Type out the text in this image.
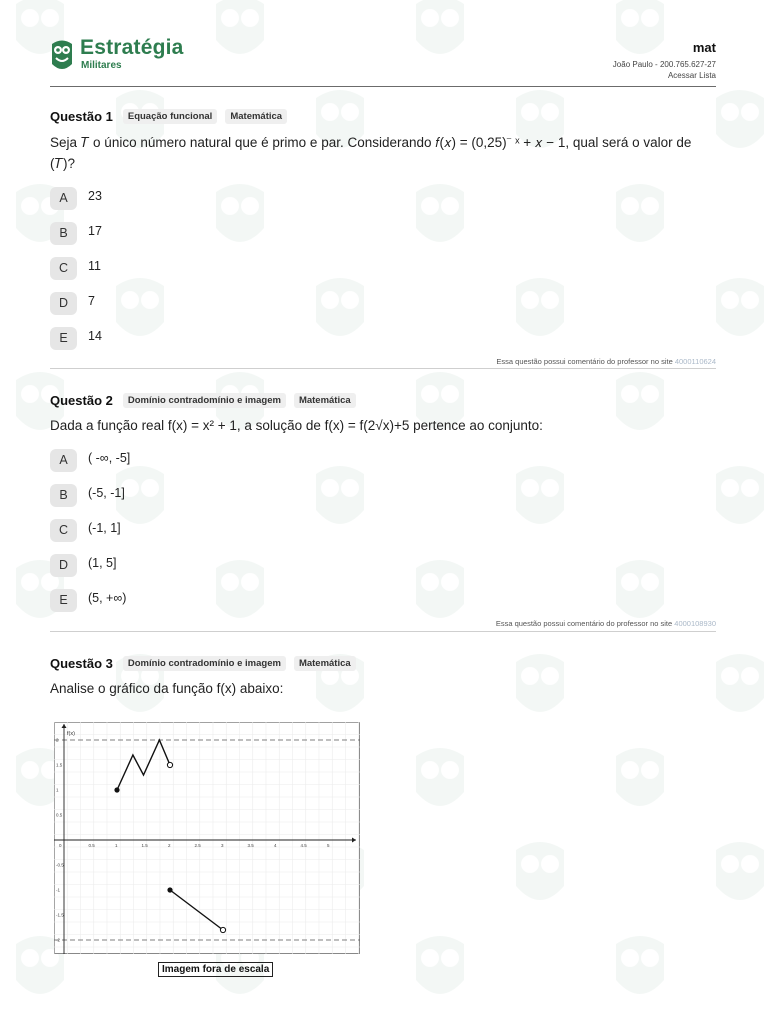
Estratégia
Militares
mat
João Paulo - 200.765.627-27
Acessar Lista
Questão 1	Equação funcional	Matemática
Seja 𝑇 o único número natural que é primo e par. Considerando 𝑓(𝑥) = (0,25)⁻ ˣ + 𝑥 − 1, qual será o valor de
(𝑇)?
A	23
B	17
C	11
D	7
E	14
Essa questão possui comentário do professor no site 4000110624
Questão 2	Domínio contradomínio e imagem	Matemática
Dada a função real f(x) = x² + 1, a solução de f(x) = f(2√x)+5 pertence ao conjunto:
A	( -∞, -5]
B	(-5, -1]
C	(-1, 1]
D	(1, 5]
E	(5, +∞)
Essa questão possui comentário do professor no site 4000108930
Questão 3	Domínio contradomínio e imagem	Matemática
Analise o gráfico da função f(x) abaixo:
f(x)
0	0.5	1	1.5	2	2.5	3	3.5	4	4.5	5
2
1.5
1
0.5
-0.5
-1
-1.5
-2
Imagem fora de escala
